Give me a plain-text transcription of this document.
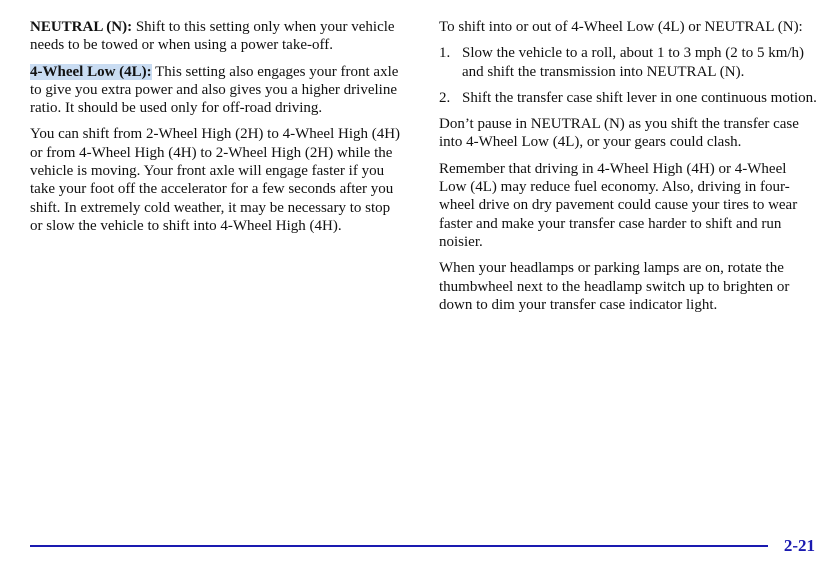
NEUTRAL (N): Shift to this setting only when your vehicle needs to be towed or when using a power take-off.

4-Wheel Low (4L): This setting also engages your front axle to give you extra power and also gives you a higher driveline ratio. It should be used only for off-road driving.

You can shift from 2-Wheel High (2H) to 4-Wheel High (4H) or from 4-Wheel High (4H) to 2-Wheel High (2H) while the vehicle is moving. Your front axle will engage faster if you take your foot off the accelerator for a few seconds after you shift. In extremely cold weather, it may be necessary to stop or slow the vehicle to shift into 4-Wheel High (4H).

To shift into or out of 4-Wheel Low (4L) or NEUTRAL (N):

1. Slow the vehicle to a roll, about 1 to 3 mph (2 to 5 km/h) and shift the transmission into NEUTRAL (N).
2. Shift the transfer case shift lever in one continuous motion.

Don’t pause in NEUTRAL (N) as you shift the transfer case into 4-Wheel Low (4L), or your gears could clash.

Remember that driving in 4-Wheel High (4H) or 4-Wheel Low (4L) may reduce fuel economy. Also, driving in four-wheel drive on dry pavement could cause your tires to wear faster and make your transfer case harder to shift and run noisier.

When your headlamps or parking lamps are on, rotate the thumbwheel next to the headlamp switch up to brighten or down to dim your transfer case indicator light.

2-21
